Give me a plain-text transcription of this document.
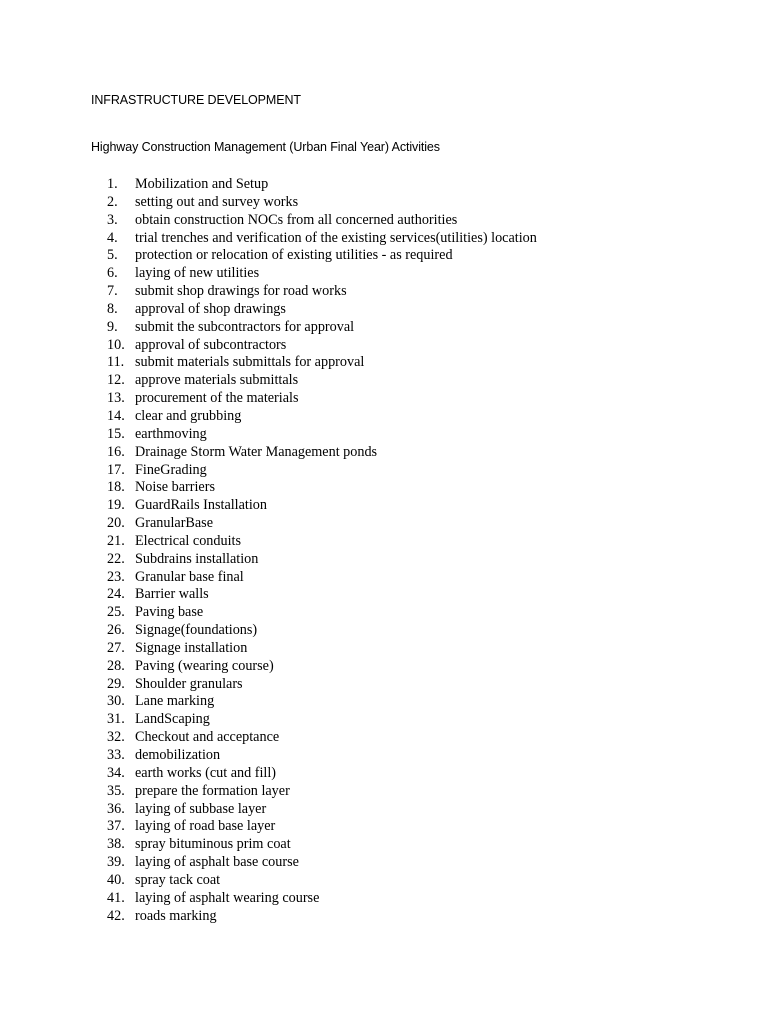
INFRASTRUCTURE DEVELOPMENT
Highway Construction Management (Urban Final Year) Activities
1.	Mobilization and Setup
2.	setting out and survey works
3.	obtain construction NOCs from all concerned authorities
4.	trial trenches and verification of the existing services(utilities) location
5.	protection or relocation of existing utilities - as required
6.	laying of new utilities
7.	submit shop drawings for road works
8.	approval of shop drawings
9.	submit the subcontractors for approval
10. approval of subcontractors
11. submit materials submittals for approval
12. approve materials submittals
13. procurement of the materials
14. clear and grubbing
15. earthmoving
16. Drainage Storm Water Management ponds
17. FineGrading
18. Noise barriers
19. GuardRails Installation
20. GranularBase
21. Electrical conduits
22. Subdrains installation
23. Granular base final
24. Barrier walls
25. Paving base
26. Signage(foundations)
27. Signage installation
28. Paving (wearing course)
29. Shoulder granulars
30. Lane marking
31. LandScaping
32. Checkout and acceptance
33. demobilization
34. earth works (cut and fill)
35. prepare the formation layer
36. laying of subbase layer
37. laying of road base layer
38. spray bituminous prim coat
39. laying of asphalt base course
40. spray tack coat
41. laying of asphalt wearing course
42. roads marking
